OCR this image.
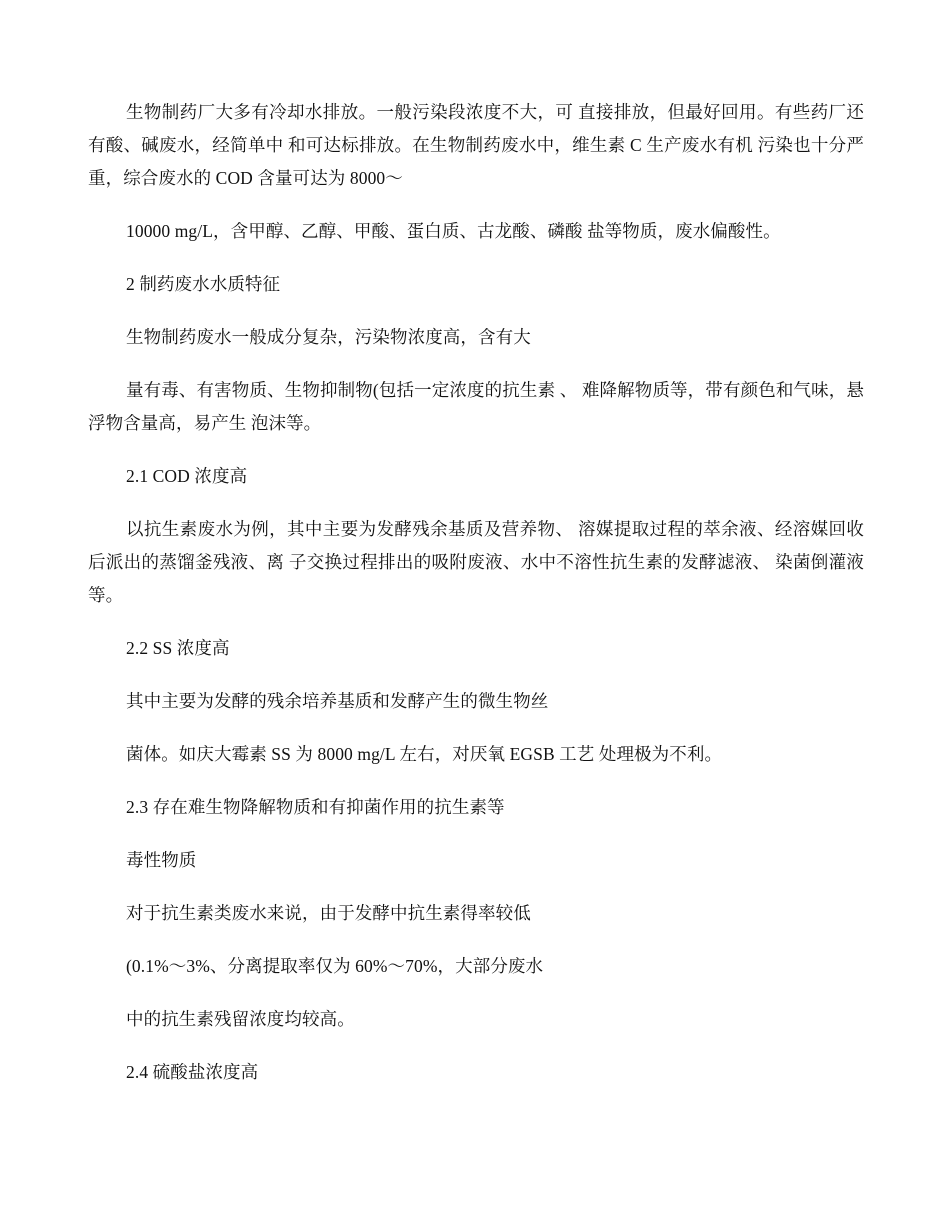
生物制药厂大多有冷却水排放。一般污染段浓度不大，可 直接排放，但最好回用。有些药厂还有酸、碱废水，经简单中 和可达标排放。在生物制药废水中，维生素 C 生产废水有机 污染也十分严重，综合废水的 COD 含量可达为 8000～

10000 mg/L，含甲醇、乙醇、甲酸、蛋白质、古龙酸、磷酸 盐等物质，废水偏酸性。

2 制药废水水质特征

生物制药废水一般成分复杂，污染物浓度高，含有大

量有毒、有害物质、生物抑制物(包括一定浓度的抗生素 、 难降解物质等，带有颜色和气味，悬浮物含量高，易产生 泡沫等。

2.1 COD 浓度高

以抗生素废水为例，其中主要为发酵残余基质及营养物、 溶媒提取过程的萃余液、经溶媒回收后派出的蒸馏釜残液、离 子交换过程排出的吸附废液、水中不溶性抗生素的发酵滤液、 染菌倒灌液等。

2.2 SS 浓度高

其中主要为发酵的残余培养基质和发酵产生的微生物丝

菌体。如庆大霉素 SS 为 8000 mg/L 左右，对厌氧 EGSB 工艺 处理极为不利。

2.3 存在难生物降解物质和有抑菌作用的抗生素等

毒性物质

对于抗生素类废水来说，由于发酵中抗生素得率较低

(0.1%～3%、分离提取率仅为 60%～70%，大部分废水

中的抗生素残留浓度均较高。

2.4 硫酸盐浓度高
